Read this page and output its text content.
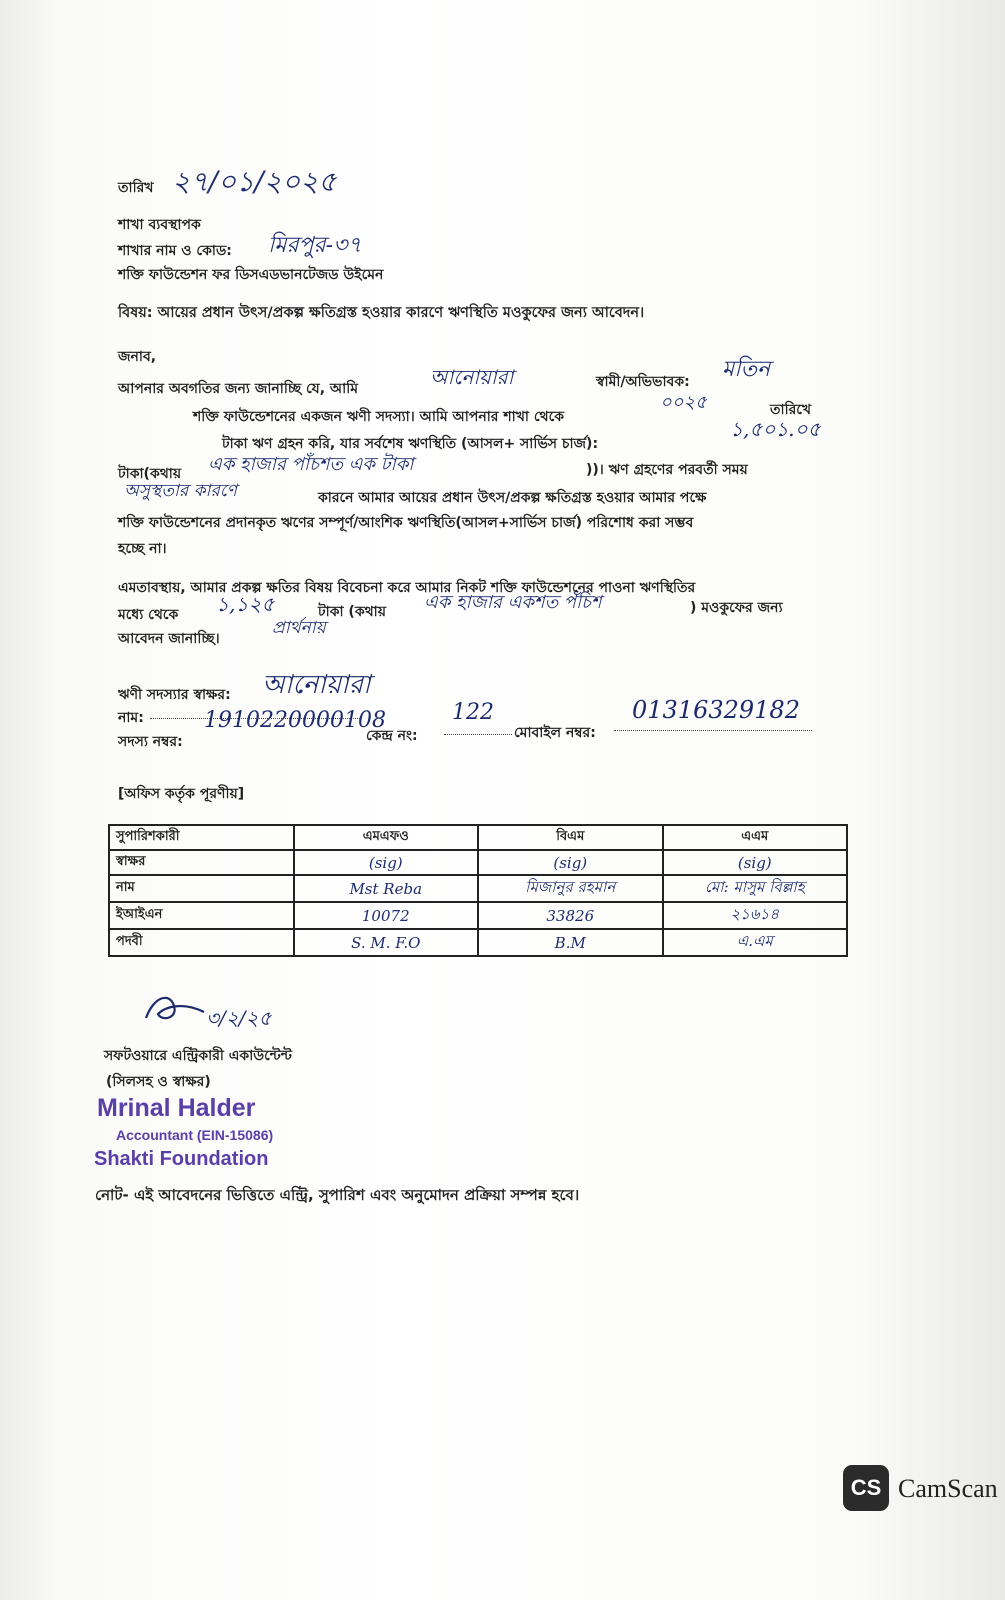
তারিখ ২৭/০১/২০২৫
শাখা ব্যবস্থাপক
শাখার নাম ও কোড: মিরপুর-৩৭
শক্তি ফাউন্ডেশন ফর ডিসএডভানটেজড উইমেন
বিষয়: আয়ের প্রধান উৎস/প্রকল্প ক্ষতিগ্রস্ত হওয়ার কারণে ঋণস্থিতি মওকুফের জন্য আবেদন।
জনাব,
আপনার অবগতির জন্য জানাচ্ছি যে, আমি	আনোয়ারা	স্বামী/অভিভাবক: মতিন
শক্তি ফাউন্ডেশনের একজন ঋণী সদস্যা। আমি আপনার শাখা থেকে
০০২৫	তারিখে
টাকা ঋণ গ্রহন করি, যার সর্বশেষ ঋণস্থিতি (আসল+ সার্ভিস চার্জ):
১,৫০১.০৫
টাকা(কথায় এক হাজার পাঁচশত এক টাকা	))। ঋণ গ্রহণের পরবর্তী সময়
অসুস্থতার কারণে	কারনে আমার আয়ের প্রধান উৎস/প্রকল্প ক্ষতিগ্রস্ত হওয়ার আমার পক্ষে
শক্তি ফাউন্ডেশনের প্রদানকৃত ঋণের সম্পূর্ণ/আংশিক ঋণস্থিতি(আসল+সার্ভিস চার্জ) পরিশোধ করা সম্ভব
হচ্ছে না।
এমতাবস্থায়, আমার প্রকল্প ক্ষতির বিষয় বিবেচনা করে আমার নিকট শক্তি ফাউন্ডেশনের পাওনা ঋণস্থিতির
মধ্যে থেকে ১,১২৫	টাকা (কথায় এক হাজার একশত পঁচিশ	) মওকুফের জন্য
আবেদন জানাচ্ছি।
প্রার্থনায়
ঋণী সদস্যার স্বাক্ষর: আনোয়ারা
নাম:
সদস্য নম্বর:
1910220000108
কেন্দ্র নং:
122
মোবাইল নম্বর:
01316329182
[অফিস কর্তৃক পূরণীয়]
সুপারিশকারী	এমএফও	বিএম	এএম
স্বাক্ষর	(sig)	(sig)	(sig)
নাম	Mst Reba	মিজানুর রহমান	মো: মাসুম বিল্লাহ
ইআইএন	10072	33826	২১৬১৪
পদবী	S. M. F.O	B.M	এ.এম
৩/২/২৫
সফটওয়ারে এন্ট্রিকারী একাউন্টেন্ট
(সিলসহ ও স্বাক্ষর)
Mrinal Halder
Accountant (EIN-15086)
Shakti Foundation
নোট- এই আবেদনের ভিত্তিতে এন্ট্রি, সুপারিশ এবং অনুমোদন প্রক্রিয়া সম্পন্ন হবে।
CS CamScan
